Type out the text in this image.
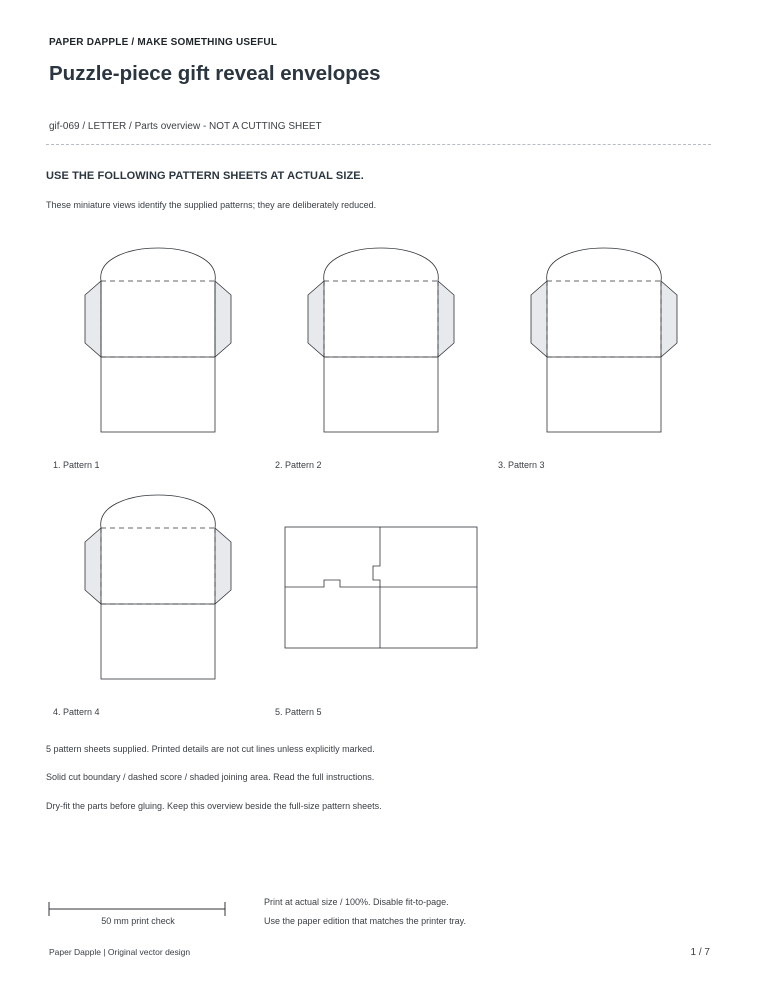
PAPER DAPPLE / MAKE SOMETHING USEFUL
Puzzle-piece gift reveal envelopes
gif-069 / LETTER / Parts overview - NOT A CUTTING SHEET
USE THE FOLLOWING PATTERN SHEETS AT ACTUAL SIZE.
These miniature views identify the supplied patterns; they are deliberately reduced.
1. Pattern 1	2. Pattern 2	3. Pattern 3
4. Pattern 4	5. Pattern 5
5 pattern sheets supplied. Printed details are not cut lines unless explicitly marked.
Solid cut boundary / dashed score / shaded joining area. Read the full instructions.
Dry-fit the parts before gluing. Keep this overview beside the full-size pattern sheets.
50 mm print check
Print at actual size / 100%. Disable fit-to-page.
Use the paper edition that matches the printer tray.
Paper Dapple | Original vector design	1 / 7
